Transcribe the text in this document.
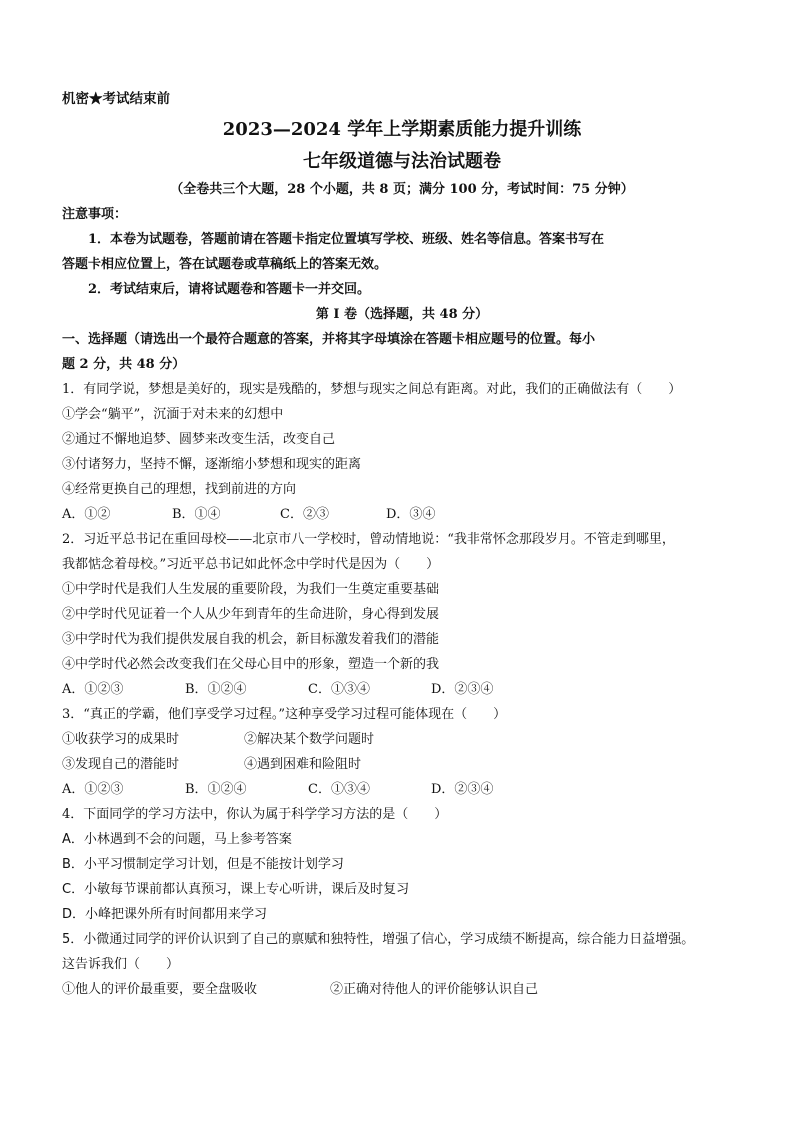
机密★考试结束前
2023—2024 学年上学期素质能力提升训练
七年级道德与法治试题卷
（全卷共三个大题，28 个小题，共 8 页；满分 100 分，考试时间：75 分钟）
注意事项：
1．本卷为试题卷，答题前请在答题卡指定位置填写学校、班级、姓名等信息。答案书写在
答题卡相应位置上，答在试题卷或草稿纸上的答案无效。
2．考试结束后，请将试题卷和答题卡一并交回。
第 I 卷（选择题，共 48 分）
一、选择题（请选出一个最符合题意的答案，并将其字母填涂在答题卡相应题号的位置。每小
题 2 分，共 48 分）
1．有同学说，梦想是美好的，现实是残酷的，梦想与现实之间总有距离。对此，我们的正确做法有（　　）
①学会“躺平”，沉湎于对未来的幻想中
②通过不懈地追梦、圆梦来改变生活，改变自己
③付诸努力，坚持不懈，逐渐缩小梦想和现实的距离
④经常更换自己的理想，找到前进的方向
A．①②	B．①④	C．②③	D．③④
2．习近平总书记在重回母校——北京市八一学校时，曾动情地说：“我非常怀念那段岁月。不管走到哪里，
我都惦念着母校。”习近平总书记如此怀念中学时代是因为（　　）
①中学时代是我们人生发展的重要阶段，为我们一生奠定重要基础
②中学时代见证着一个人从少年到青年的生命进阶，身心得到发展
③中学时代为我们提供发展自我的机会，新目标激发着我们的潜能
④中学时代必然会改变我们在父母心目中的形象，塑造一个新的我
A．①②③	B．①②④	C．①③④	D．②③④
3．“真正的学霸，他们享受学习过程。”这种享受学习过程可能体现在（　　）
①收获学习的成果时	②解决某个数学问题时
③发现自己的潜能时	④遇到困难和险阻时
A．①②③	B．①②④	C．①③④	D．②③④
4．下面同学的学习方法中，你认为属于科学学习方法的是（　　）
A．小林遇到不会的问题，马上参考答案
B．小平习惯制定学习计划，但是不能按计划学习
C．小敏每节课前都认真预习，课上专心听讲，课后及时复习
D．小峰把课外所有时间都用来学习
5．小微通过同学的评价认识到了自己的禀赋和独特性，增强了信心，学习成绩不断提高，综合能力日益增强。
这告诉我们（　　）
①他人的评价最重要，要全盘吸收	②正确对待他人的评价能够认识自己
